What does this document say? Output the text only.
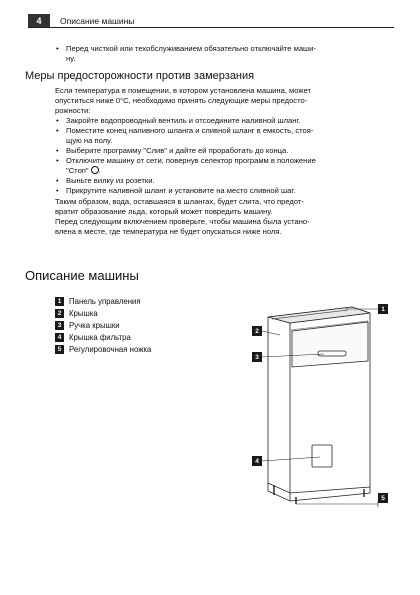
4	Описание машины
• Перед чисткой или техобслуживанием обязательно отключайте маши-
ну.
Меры предосторожности против замерзания
Если температура в помещении, в котором установлена машина, может
опуститься ниже 0°C, необходимо принять следующие меры предосто-
рожности:
• Закройте водопроводный вентиль и отсоедините наливной шланг.
• Поместите конец наливного шланга и сливной шланг в емкость, стоя-
щую на полу.
• Выберите программу "Слив" и дайте ей проработать до конца.
• Отключите машину от сети, повернув селектор программ в положение
"Стоп" .
• Выньте вилку из розетки.
• Прикрутите наливной шланг и установите на место сливной шаг.
Таким образом, вода, оставшаяся в шлангах, будет слита, что предот-
вратит образование льда, который может повредить машину.
Перед следующим включением проверьте, чтобы машина была устано-
влена в месте, где температура не будет опускаться ниже ноля.
Описание машины
1 Панель управления
2 Крышка
3 Ручка крышки
4 Крышка фильтра
5 Регулировочная ножка
1
2
3
4
5
